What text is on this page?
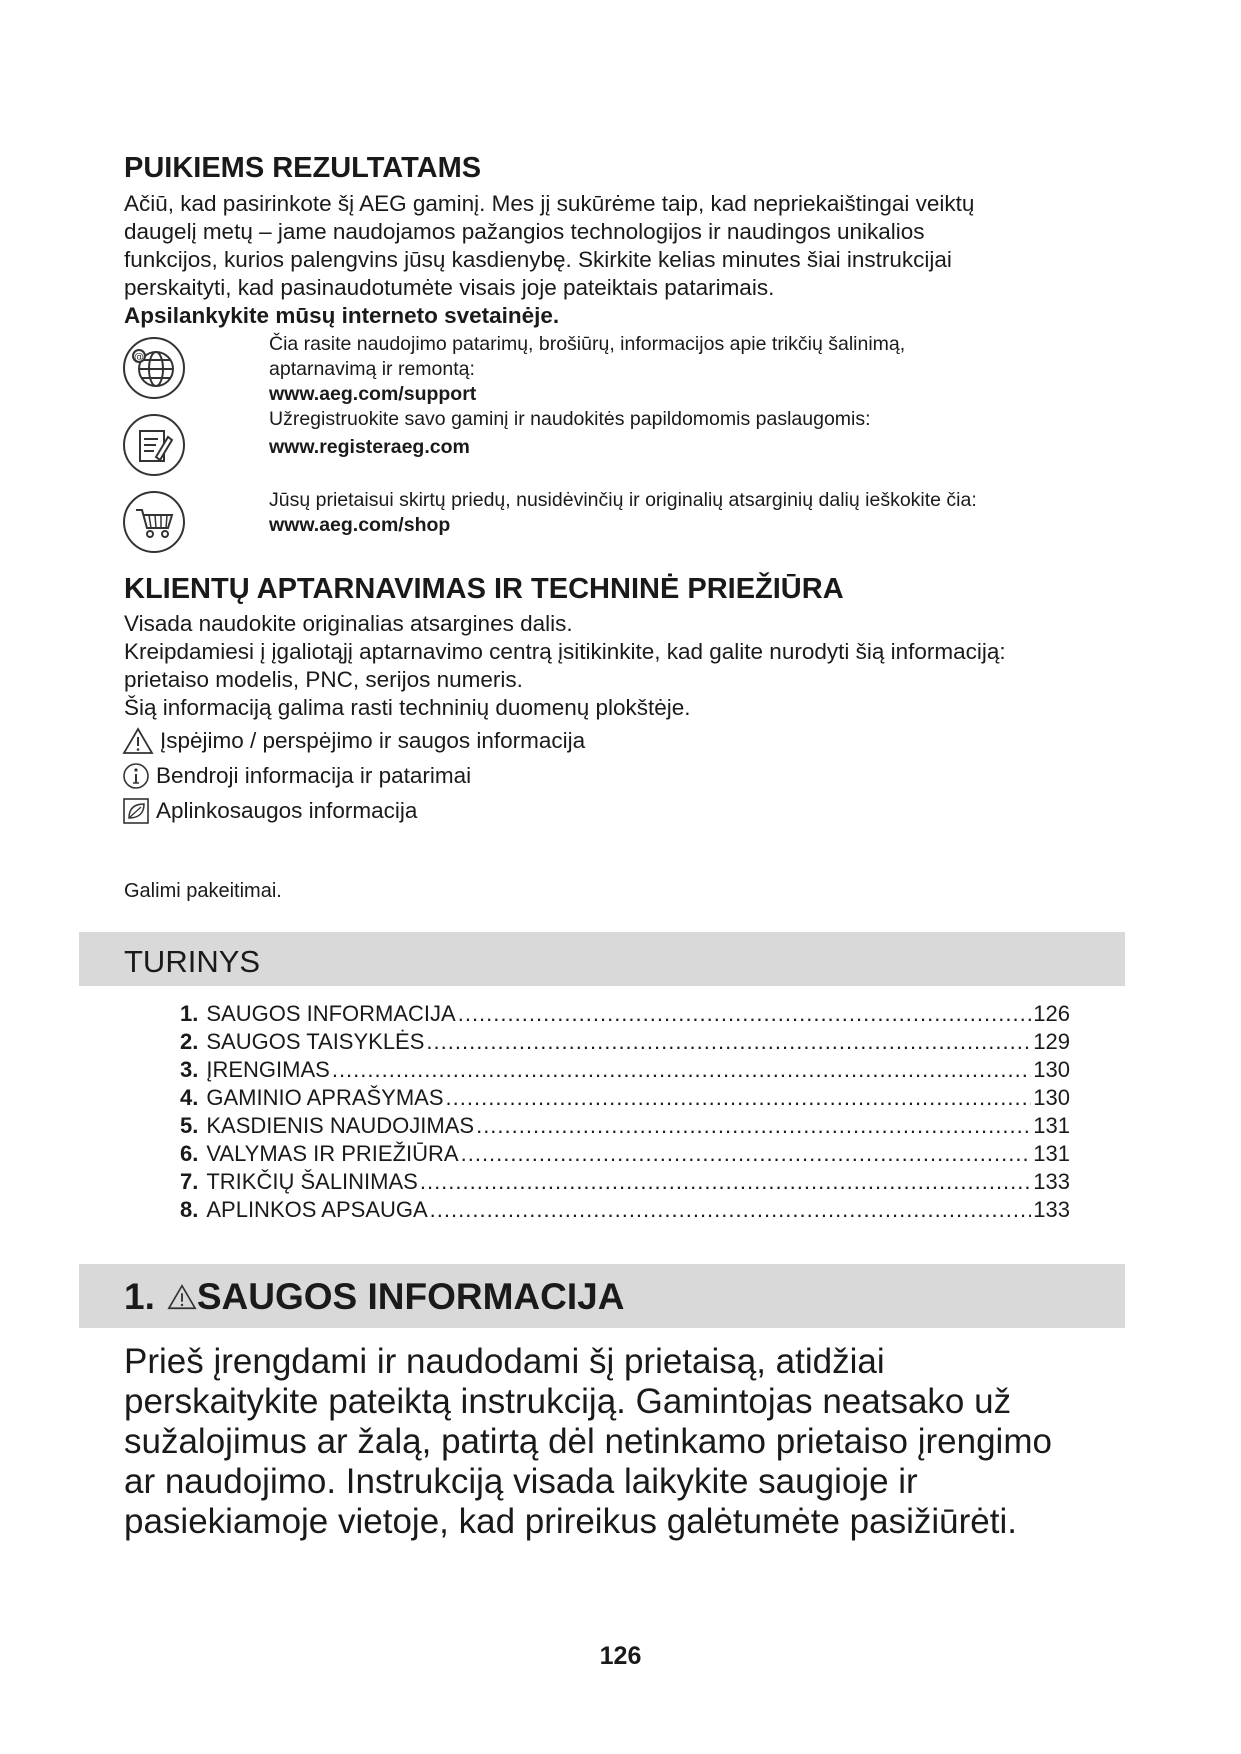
PUIKIEMS REZULTATAMS

Ačiū, kad pasirinkote šį AEG gaminį. Mes jį sukūrėme taip, kad nepriekaištingai veiktų

daugelį metų – jame naudojamos pažangios technologijos ir naudingos unikalios

funkcijos, kurios palengvins jūsų kasdienybę. Skirkite kelias minutes šiai instrukcijai

perskaityti, kad pasinaudotumėte visais joje pateiktais patarimais.

Apsilankykite mūsų interneto svetainėje.

@
Čia rasite naudojimo patarimų, brošiūrų, informacijos apie trikčių šalinimą,
aptarnavimą ir remontą:
www.aeg.com/support
Užregistruokite savo gaminį ir naudokitės papildomomis paslaugomis:
www.registeraeg.com
Jūsų prietaisui skirtų priedų, nusidėvinčių ir originalių atsarginių dalių ieškokite čia:
www.aeg.com/shop
KLIENTŲ APTARNAVIMAS IR TECHNINĖ PRIEŽIŪRA

Visada naudokite originalias atsargines dalis.

Kreipdamiesi į įgaliotąjį aptarnavimo centrą įsitikinkite, kad galite nurodyti šią informaciją:

prietaiso modelis, PNC, serijos numeris.

Šią informaciją galima rasti techninių duomenų plokštėje.

Įspėjimo / perspėjimo ir saugos informacija
Bendroji informacija ir patarimai
Aplinkosaugos informacija
Galimi pakeitimai.
TURINYS
1. SAUGOS INFORMACIJA .....	126
2. SAUGOS TAISYKLĖS .....	129
3. ĮRENGIMAS .....	130
4. GAMINIO APRAŠYMAS .....	130
5. KASDIENIS NAUDOJIMAS .....	131
6. VALYMAS IR PRIEŽIŪRA .....	131
7. TRIKČIŲ ŠALINIMAS .....	133
8. APLINKOS APSAUGA .....	133
1. SAUGOS INFORMACIJA
Prieš įrengdami ir naudodami šį prietaisą, atidžiai
perskaitykite pateiktą instrukciją. Gamintojas neatsako už
sužalojimus ar žalą, patirtą dėl netinkamo prietaiso įrengimo
ar naudojimo. Instrukciją visada laikykite saugioje ir
pasiekiamoje vietoje, kad prireikus galėtumėte pasižiūrėti.
126
